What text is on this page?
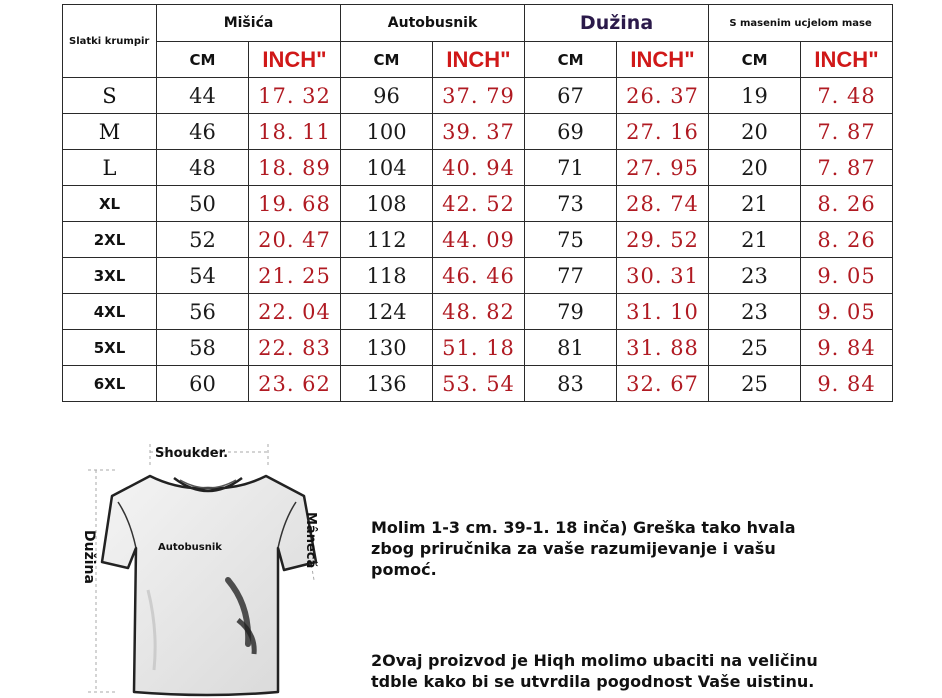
Slatki krumpir	Mišića		Autobusnik		Dužina		S masenim ucjelom mase	
	CM	INCH"	CM	INCH"	CM	INCH"	CM	INCH"
S	44	17. 32	96	37. 79	67	26. 37	19	7. 48
M	46	18. 11	100	39. 37	69	27. 16	20	7. 87
L	48	18. 89	104	40. 94	71	27. 95	20	7. 87
XL	50	19. 68	108	42. 52	73	28. 74	21	8. 26
2XL	52	20. 47	112	44. 09	75	29. 52	21	8. 26
3XL	54	21. 25	118	46. 46	77	30. 31	23	9. 05
4XL	56	22. 04	124	48. 82	79	31. 10	23	9. 05
5XL	58	22. 83	130	51. 18	81	31. 88	25	9. 84
6XL	60	23. 62	136	53. 54	83	32. 67	25	9. 84
Shoukder.
Autobusnik
Dužina	Mânecă	Molim 1-3 cm. 39-1. 18 inča) Greška tako hvala zbog priručnika za vaše razumijevanje i vašu pomoć.
2Ovaj proizvod je Hiqh molimo ubaciti na veličinu tdble kako bi se utvrdila pogodnost Vaše uistinu.
